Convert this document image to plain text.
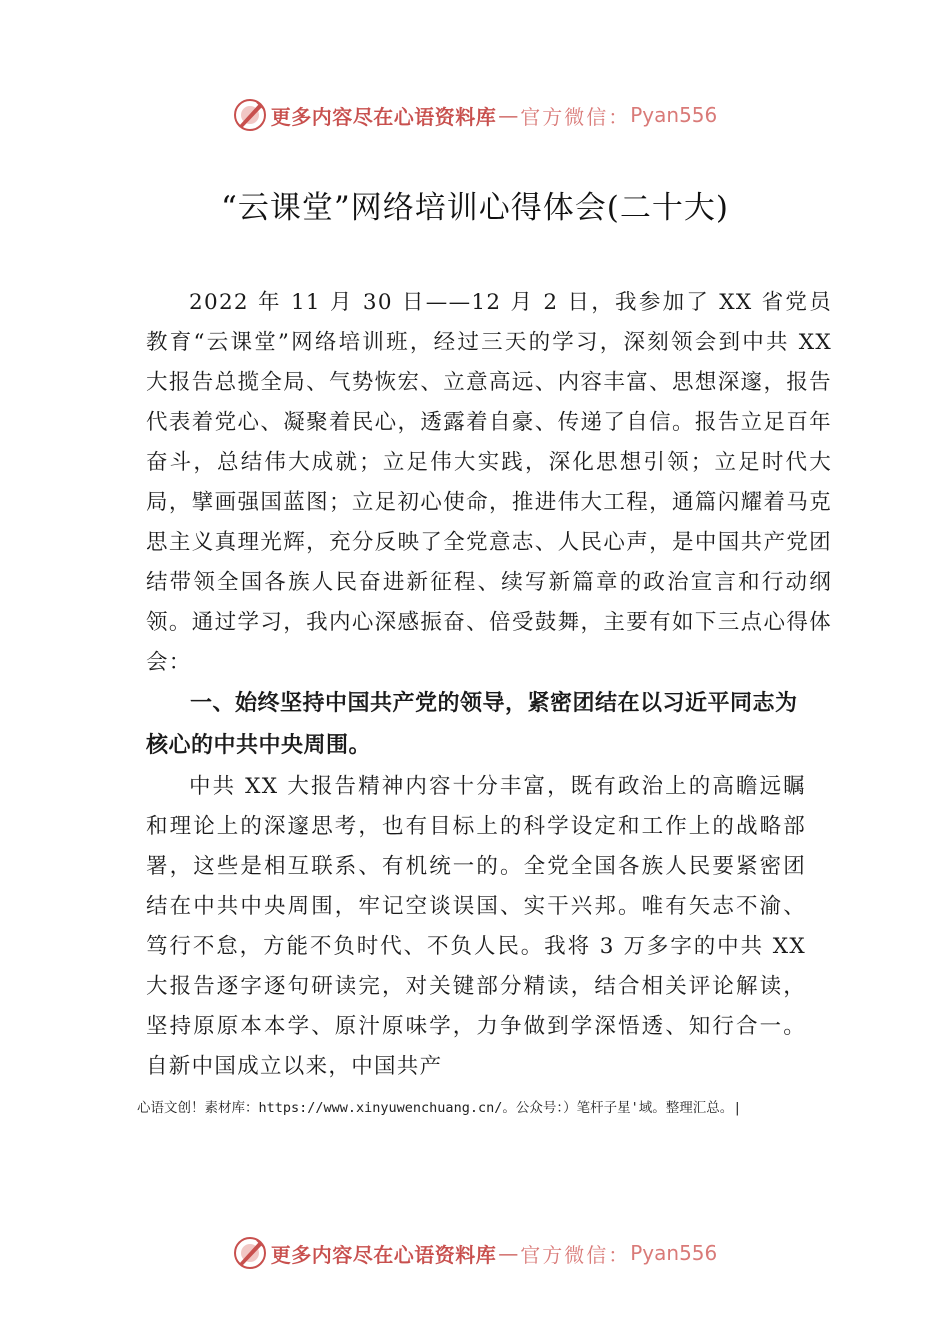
更多内容尽在心语资料库 — 官方微信： Pyan556
“云课堂”网络培训心得体会(二十大)

2022 年 11 月 30 日——12 月 2 日，我参加了 XX 省党员教育“云课堂”网络培训班，经过三天的学习，深刻领会到中共 XX 大报告总揽全局、气势恢宏、立意高远、内容丰富、思想深邃，报告代表着党心、凝聚着民心，透露着自豪、传递了自信。报告立足百年奋斗，总结伟大成就；立足伟大实践，深化思想引领；立足时代大局，擘画强国蓝图；立足初心使命，推进伟大工程，通篇闪耀着马克思主义真理光辉，充分反映了全党意志、人民心声，是中国共产党团结带领全国各族人民奋进新征程、续写新篇章的政治宣言和行动纲领。通过学习，我内心深感振奋、倍受鼓舞，主要有如下三点心得体会：

一、始终坚持中国共产党的领导，紧密团结在以习近平同志为核心的中共中央周围。

中共 XX 大报告精神内容十分丰富，既有政治上的高瞻远瞩和理论上的深邃思考，也有目标上的科学设定和工作上的战略部署，这些是相互联系、有机统一的。全党全国各族人民要紧密团结在中共中央周围，牢记空谈误国、实干兴邦。唯有矢志不渝、笃行不怠，方能不负时代、不负人民。我将 3 万多字的中共 XX 大报告逐字逐句研读完，对关键部分精读，结合相关评论解读，坚持原原本本学、原汁原味学，力争做到学深悟透、知行合一。自新中国成立以来，中国共产

心语文创！素材库：https://www.xinyuwenchuang.cn/。公众号：）笔杆子星'域。整理汇总。|
更多内容尽在心语资料库 — 官方微信： Pyan556
